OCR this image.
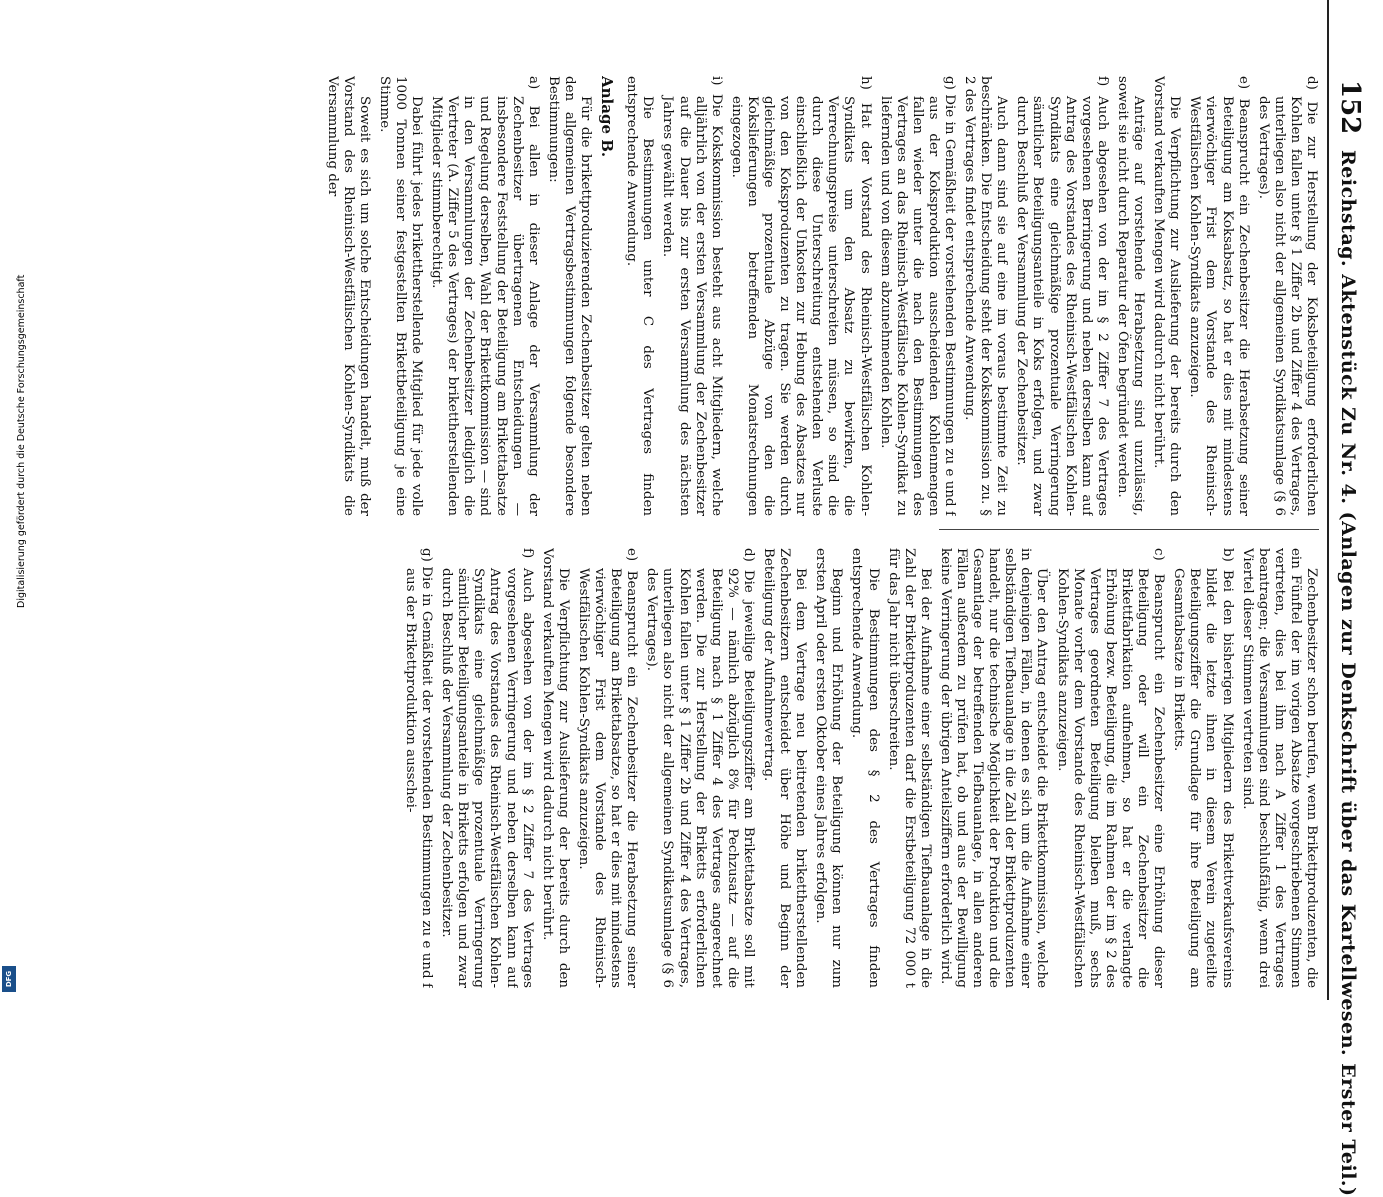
152
Reichstag. Aktenstück Zu Nr. 4. (Anlagen zur Denkschrift über das Kartellwesen. Erster Teil.)

d) Die zur Herstellung der Koksbeteiligung erforderlichen Kohlen fallen unter § 1 Ziffer 2b und Ziffer 4 des Vertrages, unterliegen also nicht der allgemeinen Syndikatsumlage (§ 6 des Vertrages).

e) Beansprucht ein Zechenbesitzer die Herabsetzung seiner Beteiligung am Koksabsatz, so hat er dies mit mindestens vierwöchiger Frist dem Vorstande des Rheinisch-Westfälischen Kohlen-Syndikats anzuzeigen.

Die Verpflichtung zur Auslieferung der bereits durch den Vorstand verkauften Mengen wird dadurch nicht berührt.

Anträge auf vorstehende Herabsetzung sind unzulässig, soweit sie nicht durch Reparatur der Öfen begründet werden.

f) Auch abgesehen von der im § 2 Ziffer 7 des Vertrages vorgesehenen Berringerung und neben derselben kann auf Antrag des Vorstandes des Rheinisch-Westfälischen Kohlen-Syndikats eine gleichmäßige prozentuale Verringerung sämtlicher Beteiligungsanteile in Koks erfolgen, und zwar durch Beschluß der Versammlung der Zechenbesitzer.

Auch dann sind sie auf eine im voraus bestimmte Zeit zu beschränken. Die Entscheidung steht der Kokskommission zu. § 2 des Vertrages findet entsprechende Anwendung.

g) Die in Gemäßheit der vorstehenden Bestimmungen zu e und f aus der Koksproduktion ausscheidenden Kohlenmengen fallen wieder unter die nach den Bestimmungen des Vertrages an das Rheinisch-Westfälische Kohlen-Syndikat zu liefernden und von diesem abzunehmenden Kohlen.

h) Hat der Vorstand des Rheinisch-Westfälischen Kohlen-Syndikats um den Absatz zu bewirken, die Verrechnungspreise unterschreiten müssen, so sind die durch diese Unterschreitung entstehenden Verluste einschließlich der Unkosten zur Hebung des Absatzes nur von den Koksproduzenten zu tragen. Sie werden durch gleichmäßige prozentuale Abzüge von den die Kokslieferungen betreffenden Monatsrechnungen eingezogen.

i) Die Kokskommission besteht aus acht Mitgliedern, welche alljährlich von der ersten Versammlung der Zechenbesitzer auf die Dauer bis zur ersten Versammlung des nächsten Jahres gewählt werden.

Die Bestimmungen unter C des Vertrages finden entsprechende Anwendung.

Anlage B.

Für die brikettproduzierenden Zechenbesitzer gelten neben den allgemeinen Vertragsbestimmungen folgende besondere Bestimmungen:

a) Bei allen in dieser Anlage der Versammlung der Zechenbesitzer übertragenen Entscheidungen — insbesondere Feststellung der Beteiligung am Brikettabsatze und Regelung derselben, Wahl der Brikettkommission — sind in den Versammlungen der Zechenbesitzer lediglich die Vertreter (A. Ziffer 5 des Vertrages) der brikettherstellenden Mitglieder stimmberechtigt.

Dabei führt jedes brikettherstellende Mitglied für jede volle 1000 Tonnen seiner festgestellten Brikettbeteiligung je eine Stimme.

Soweit es sich um solche Entscheidungen handelt, muß der Vorstand des Rheinisch-Westfälischen Kohlen-Syndikats die Versammlung der

Zechenbesitzer schon berufen, wenn Brikettproduzenten, die ein Fünftel der im vorigen Absatze vorgeschriebenen Stimmen vertreten, dies bei ihm nach A Ziffer 1 des Vertrages beantragen; die Versammlungen sind beschlußfähig, wenn drei Viertel dieser Stimmen vertreten sind.

b) Bei den bisherigen Mitgliedern des Brikettverkaufsvereins bildet die letzte ihnen in diesem Verein zugeteilte Beteiligungsziffer die Grundlage für ihre Beteiligung am Gesamtabsatze in Briketts.

c) Beansprucht ein Zechenbesitzer eine Erhöhung dieser Beteiligung oder will ein Zechenbesitzer die Brikettfabrikation aufnehmen, so hat er die verlangte Erhöhung bezw. Beteiligung, die im Rahmen der im § 2 des Vertrages geordneten Beteiligung bleiben muß, sechs Monate vorher dem Vorstande des Rheinisch-Westfälischen Kohlen-Syndikats anzuzeigen.

Über den Antrag entscheidet die Brikettkommission, welche in denjenigen Fällen, in denen es sich um die Aufnahme einer selbständigen Tiefbauanlage in die Zahl der Brikettproduzenten handelt, nur die technische Möglichkeit der Produktion und die Gesamtlage der betreffenden Tiefbauanlage, in allen anderen Fällen außerdem zu prüfen hat, ob und aus der Bewilligung keine Verringerung der übrigen Anteilsziffern erforderlich wird.

Bei der Aufnahme einer selbständigen Tiefbauanlage in die Zahl der Brikettproduzenten darf die Erstbeteiligung 72 000 t für das Jahr nicht überschreiten.

Die Bestimmungen des § 2 des Vertrages finden entsprechende Anwendung.

Beginn und Erhöhung der Beteiligung können nur zum ersten April oder ersten Oktober eines Jahres erfolgen.

Bei dem Vertrage neu beitretenden brikettherstellenden Zechenbesitzern entscheidet über Höhe und Beginn der Beteiligung der Aufnahmevertrag.

d) Die jeweilige Beteiligungsziffer am Brikettabsatze soll mit 92% — nämlich abzüglich 8% für Pechzusatz — auf die Beteiligung nach § 1 Ziffer 4 des Vertrages angerechnet werden. Die zur Herstellung der Briketts erforderlichen Kohlen fallen unter § 1 Ziffer 2b und Ziffer 4 des Vertrages, unterliegen also nicht der allgemeinen Syndikatsumlage (§ 6 des Vertrages).

e) Beansprucht ein Zechenbesitzer die Herabsetzung seiner Beteiligung am Brikettabsatze, so hat er dies mit mindestens vierwöchiger Frist dem Vorstande des Rheinisch-Westfälischen Kohlen-Syndikats anzuzeigen.

Die Verpflichtung zur Auslieferung der bereits durch den Vorstand verkauften Mengen wird dadurch nicht berührt.

f) Auch abgesehen von der im § 2 Ziffer 7 des Vertrages vorgesehenen Verringerung und neben derselben kann auf Antrag des Vorstandes des Rheinisch-Westfälischen Kohlen-Syndikats eine gleichmäßige prozentuale Verringerung sämtlicher Beteiligungsanteile in Briketts erfolgen und zwar durch Beschluß der Versammlung der Zechenbesitzer.

g) Die in Gemäßheit der vorstehenden Bestimmungen zu e und f aus der Brikettproduktion ausschei-

Digitalisierung gefördert durch die Deutsche Forschungsgemeinschaft
DFG
